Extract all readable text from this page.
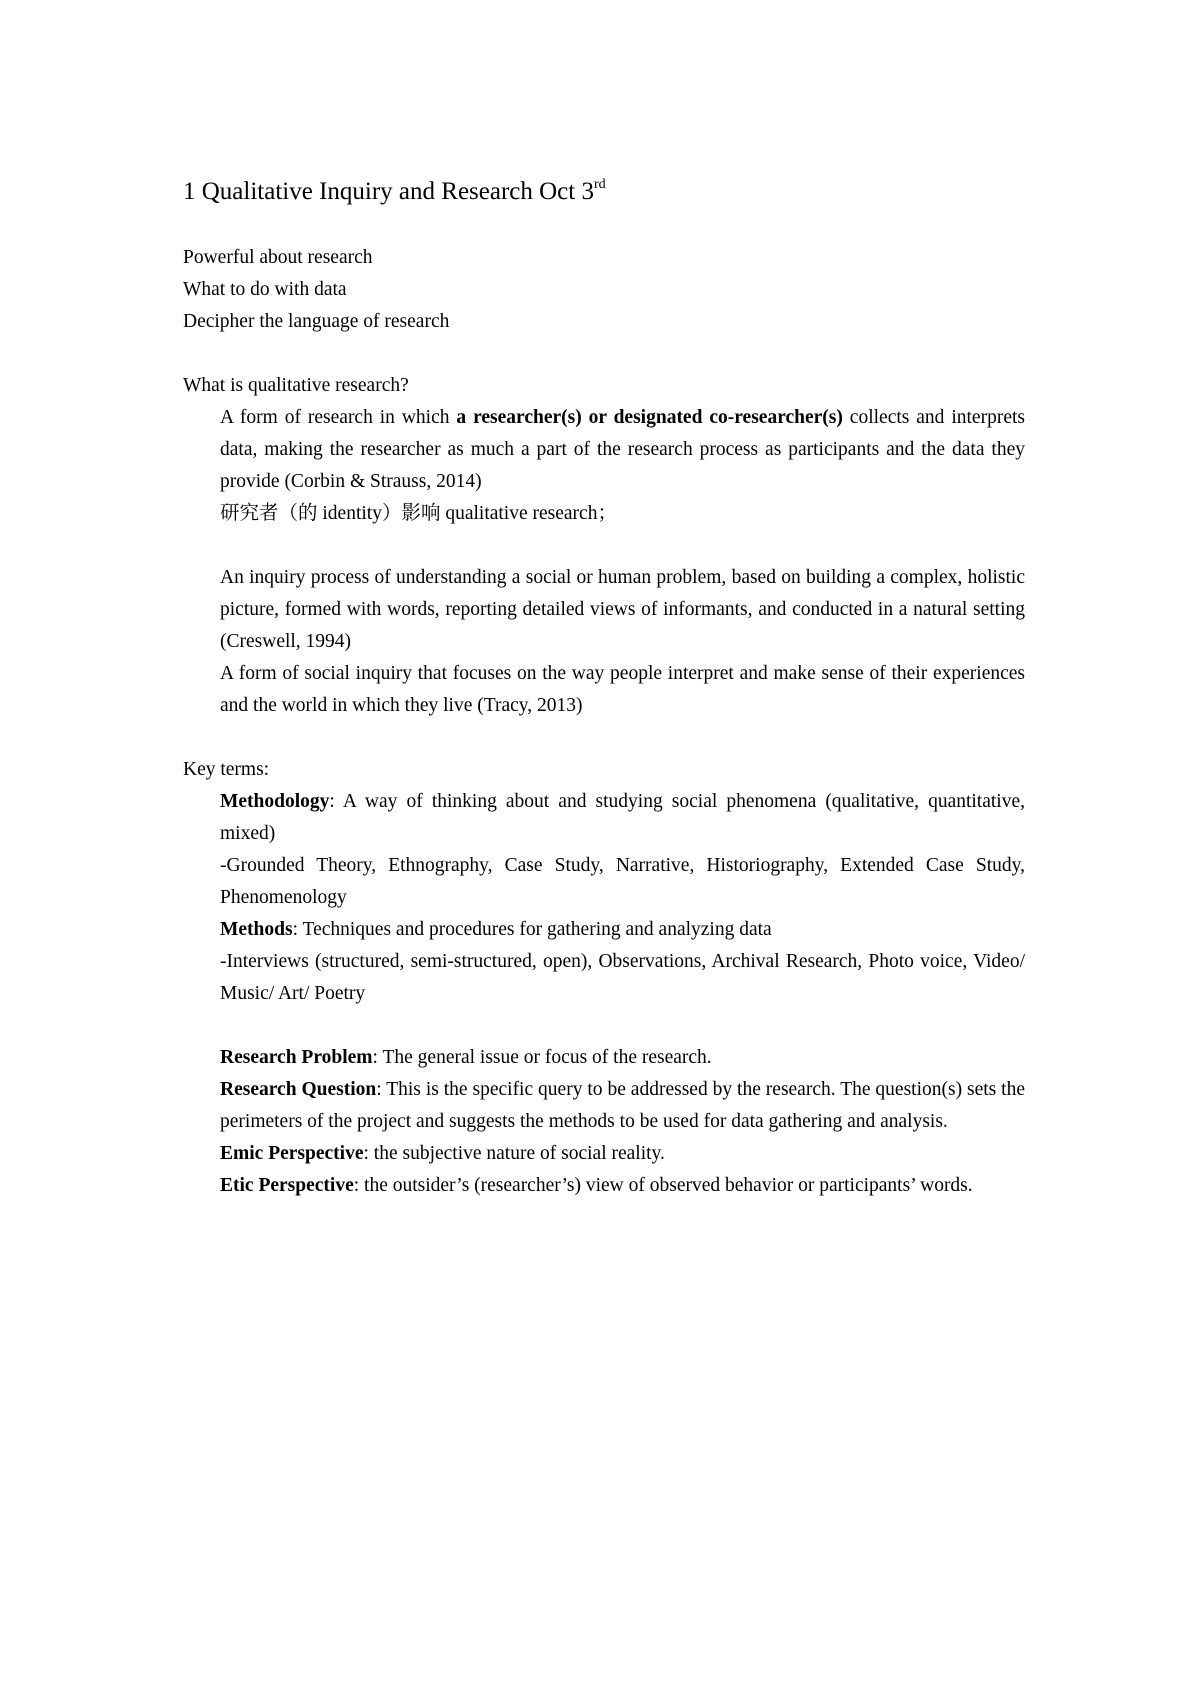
1 Qualitative Inquiry and Research Oct 3rd

Powerful about research

What to do with data

Decipher the language of research

What is qualitative research?

A form of research in which a researcher(s) or designated co-researcher(s) collects and interprets data, making the researcher as much a part of the research process as participants and the data they provide (Corbin & Strauss, 2014)

研究者（的 identity）影响 qualitative research；

An inquiry process of understanding a social or human problem, based on building a complex, holistic picture, formed with words, reporting detailed views of informants, and conducted in a natural setting (Creswell, 1994)

A form of social inquiry that focuses on the way people interpret and make sense of their experiences and the world in which they live (Tracy, 2013)

Key terms:

Methodology: A way of thinking about and studying social phenomena (qualitative, quantitative, mixed)

-Grounded Theory, Ethnography, Case Study, Narrative, Historiography, Extended Case Study, Phenomenology

Methods: Techniques and procedures for gathering and analyzing data

-Interviews (structured, semi-structured, open), Observations, Archival Research, Photo voice, Video/ Music/ Art/ Poetry

Research Problem: The general issue or focus of the research.

Research Question: This is the specific query to be addressed by the research. The question(s) sets the perimeters of the project and suggests the methods to be used for data gathering and analysis.

Emic Perspective: the subjective nature of social reality.

Etic Perspective: the outsider’s (researcher’s) view of observed behavior or participants’ words.
